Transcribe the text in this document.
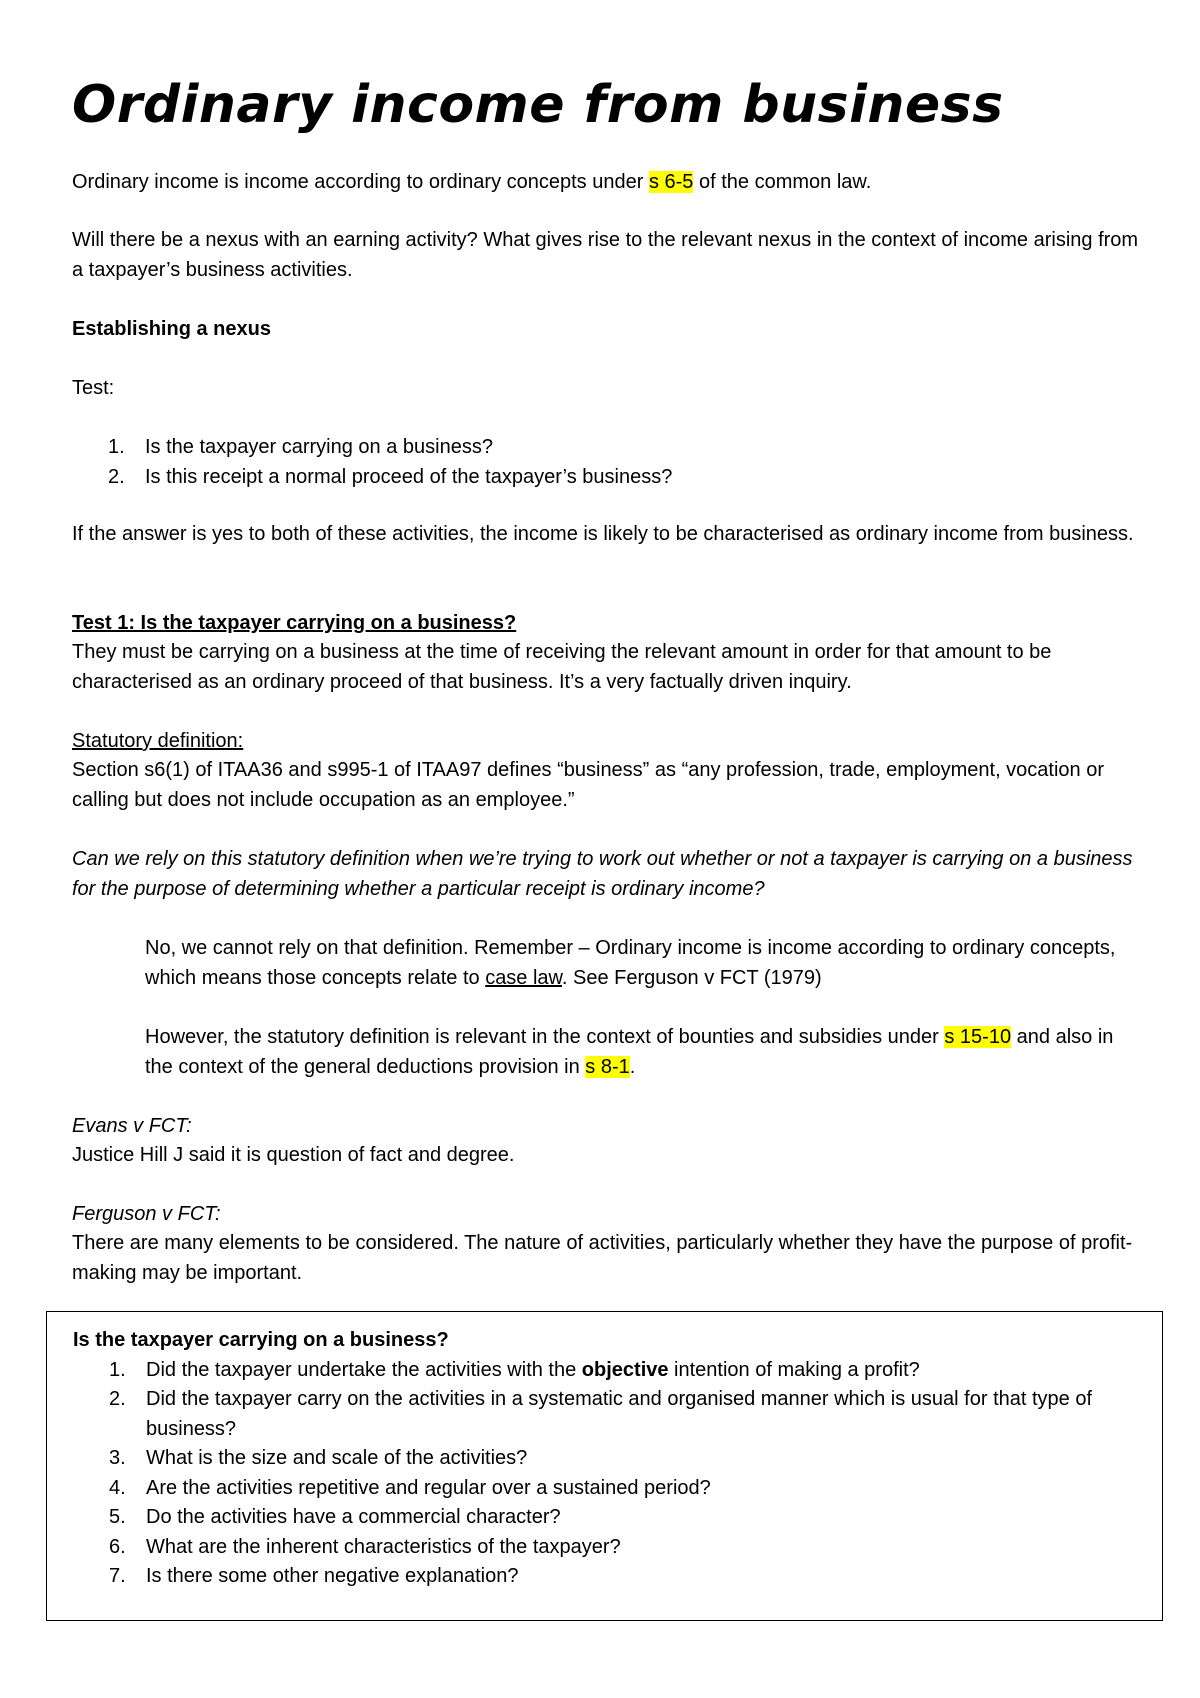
Ordinary income from business
Ordinary income is income according to ordinary concepts under s 6-5 of the common law.
Will there be a nexus with an earning activity? What gives rise to the relevant nexus in the context of income arising from a taxpayer’s business activities.
Establishing a nexus
Test:
1. Is the taxpayer carrying on a business?
2. Is this receipt a normal proceed of the taxpayer’s business?
If the answer is yes to both of these activities, the income is likely to be characterised as ordinary income from business.
Test 1: Is the taxpayer carrying on a business?
They must be carrying on a business at the time of receiving the relevant amount in order for that amount to be characterised as an ordinary proceed of that business. It’s a very factually driven inquiry.
Statutory definition:
Section s6(1) of ITAA36 and s995-1 of ITAA97 defines “business” as “any profession, trade, employment, vocation or calling but does not include occupation as an employee.”
Can we rely on this statutory definition when we’re trying to work out whether or not a taxpayer is carrying on a business for the purpose of determining whether a particular receipt is ordinary income?
No, we cannot rely on that definition. Remember – Ordinary income is income according to ordinary concepts, which means those concepts relate to case law. See Ferguson v FCT (1979)
However, the statutory definition is relevant in the context of bounties and subsidies under s 15-10 and also in the context of the general deductions provision in s 8-1.
Evans v FCT:
Justice Hill J said it is question of fact and degree.
Ferguson v FCT:
There are many elements to be considered. The nature of activities, particularly whether they have the purpose of profit-making may be important.
Is the taxpayer carrying on a business?
1. Did the taxpayer undertake the activities with the objective intention of making a profit?
2. Did the taxpayer carry on the activities in a systematic and organised manner which is usual for that type of business?
3. What is the size and scale of the activities?
4. Are the activities repetitive and regular over a sustained period?
5. Do the activities have a commercial character?
6. What are the inherent characteristics of the taxpayer?
7. Is there some other negative explanation?
